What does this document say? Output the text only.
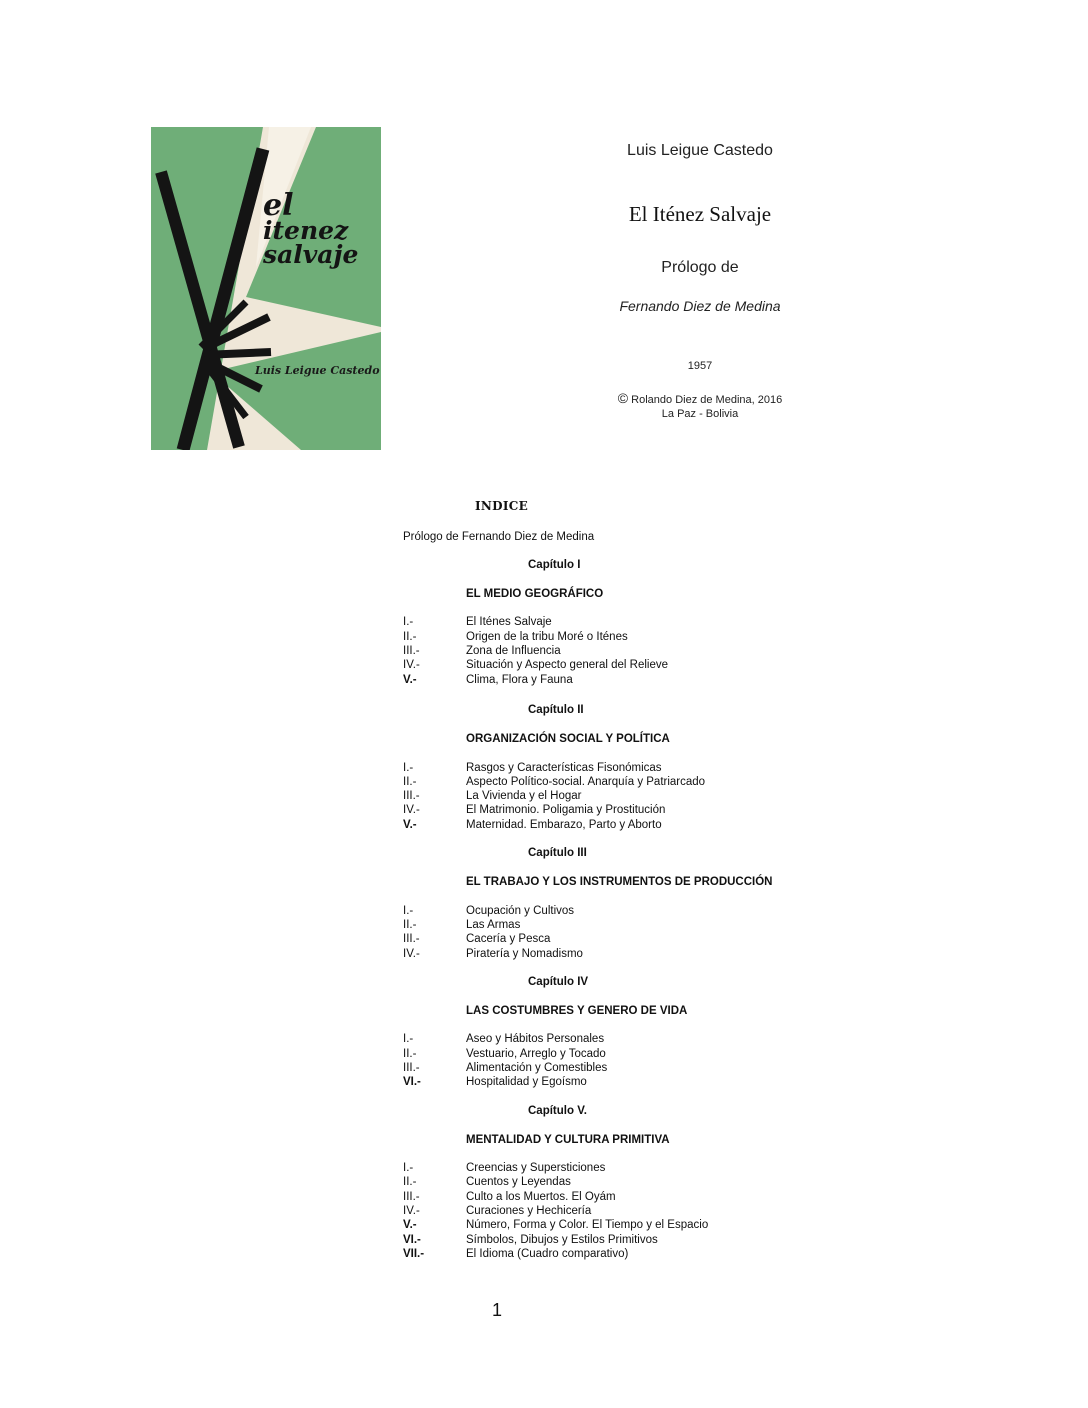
el
itenez
salvaje
Luis Leigue Castedo

Luis Leigue Castedo

El Iténez Salvaje

Prólogo de

Fernando Diez de Medina

1957

© Rolando Diez de Medina, 2016

La Paz - Bolivia

INDICE

Prólogo de Fernando Diez de Medina
Capítulo I
EL MEDIO GEOGRÁFICO
I.-	El Iténes Salvaje
II.-	Origen de la tribu Moré o Iténes
III.-	Zona de Influencia
IV.-	Situación y Aspecto general del Relieve
V.-	Clima, Flora y Fauna
Capítulo II
ORGANIZACIÓN SOCIAL Y POLÍTICA
I.-	Rasgos y Características Fisonómicas
II.-	Aspecto Político-social. Anarquía y Patriarcado
III.-	La Vivienda y el Hogar
IV.-	El Matrimonio. Poligamia y Prostitución
V.-	Maternidad. Embarazo, Parto y Aborto
Capítulo III
EL TRABAJO Y LOS INSTRUMENTOS DE PRODUCCIÓN
I.-	Ocupación y Cultivos
II.-	Las Armas
III.-	Cacería y Pesca
IV.-	Piratería y Nomadismo
Capítulo IV
LAS COSTUMBRES Y GENERO DE VIDA
I.-	Aseo y Hábitos Personales
II.-	Vestuario, Arreglo y Tocado
III.-	Alimentación y Comestibles
VI.-	Hospitalidad y Egoísmo
Capítulo V.
MENTALIDAD Y CULTURA PRIMITIVA
I.-	Creencias y Supersticiones
II.-	Cuentos y Leyendas
III.-	Culto a los Muertos. El Oyám
IV.-	Curaciones y Hechicería
V.-	Número, Forma y Color. El Tiempo y el Espacio
VI.-	Símbolos, Dibujos y Estilos Primitivos
VII.-	El Idioma (Cuadro comparativo)

1
